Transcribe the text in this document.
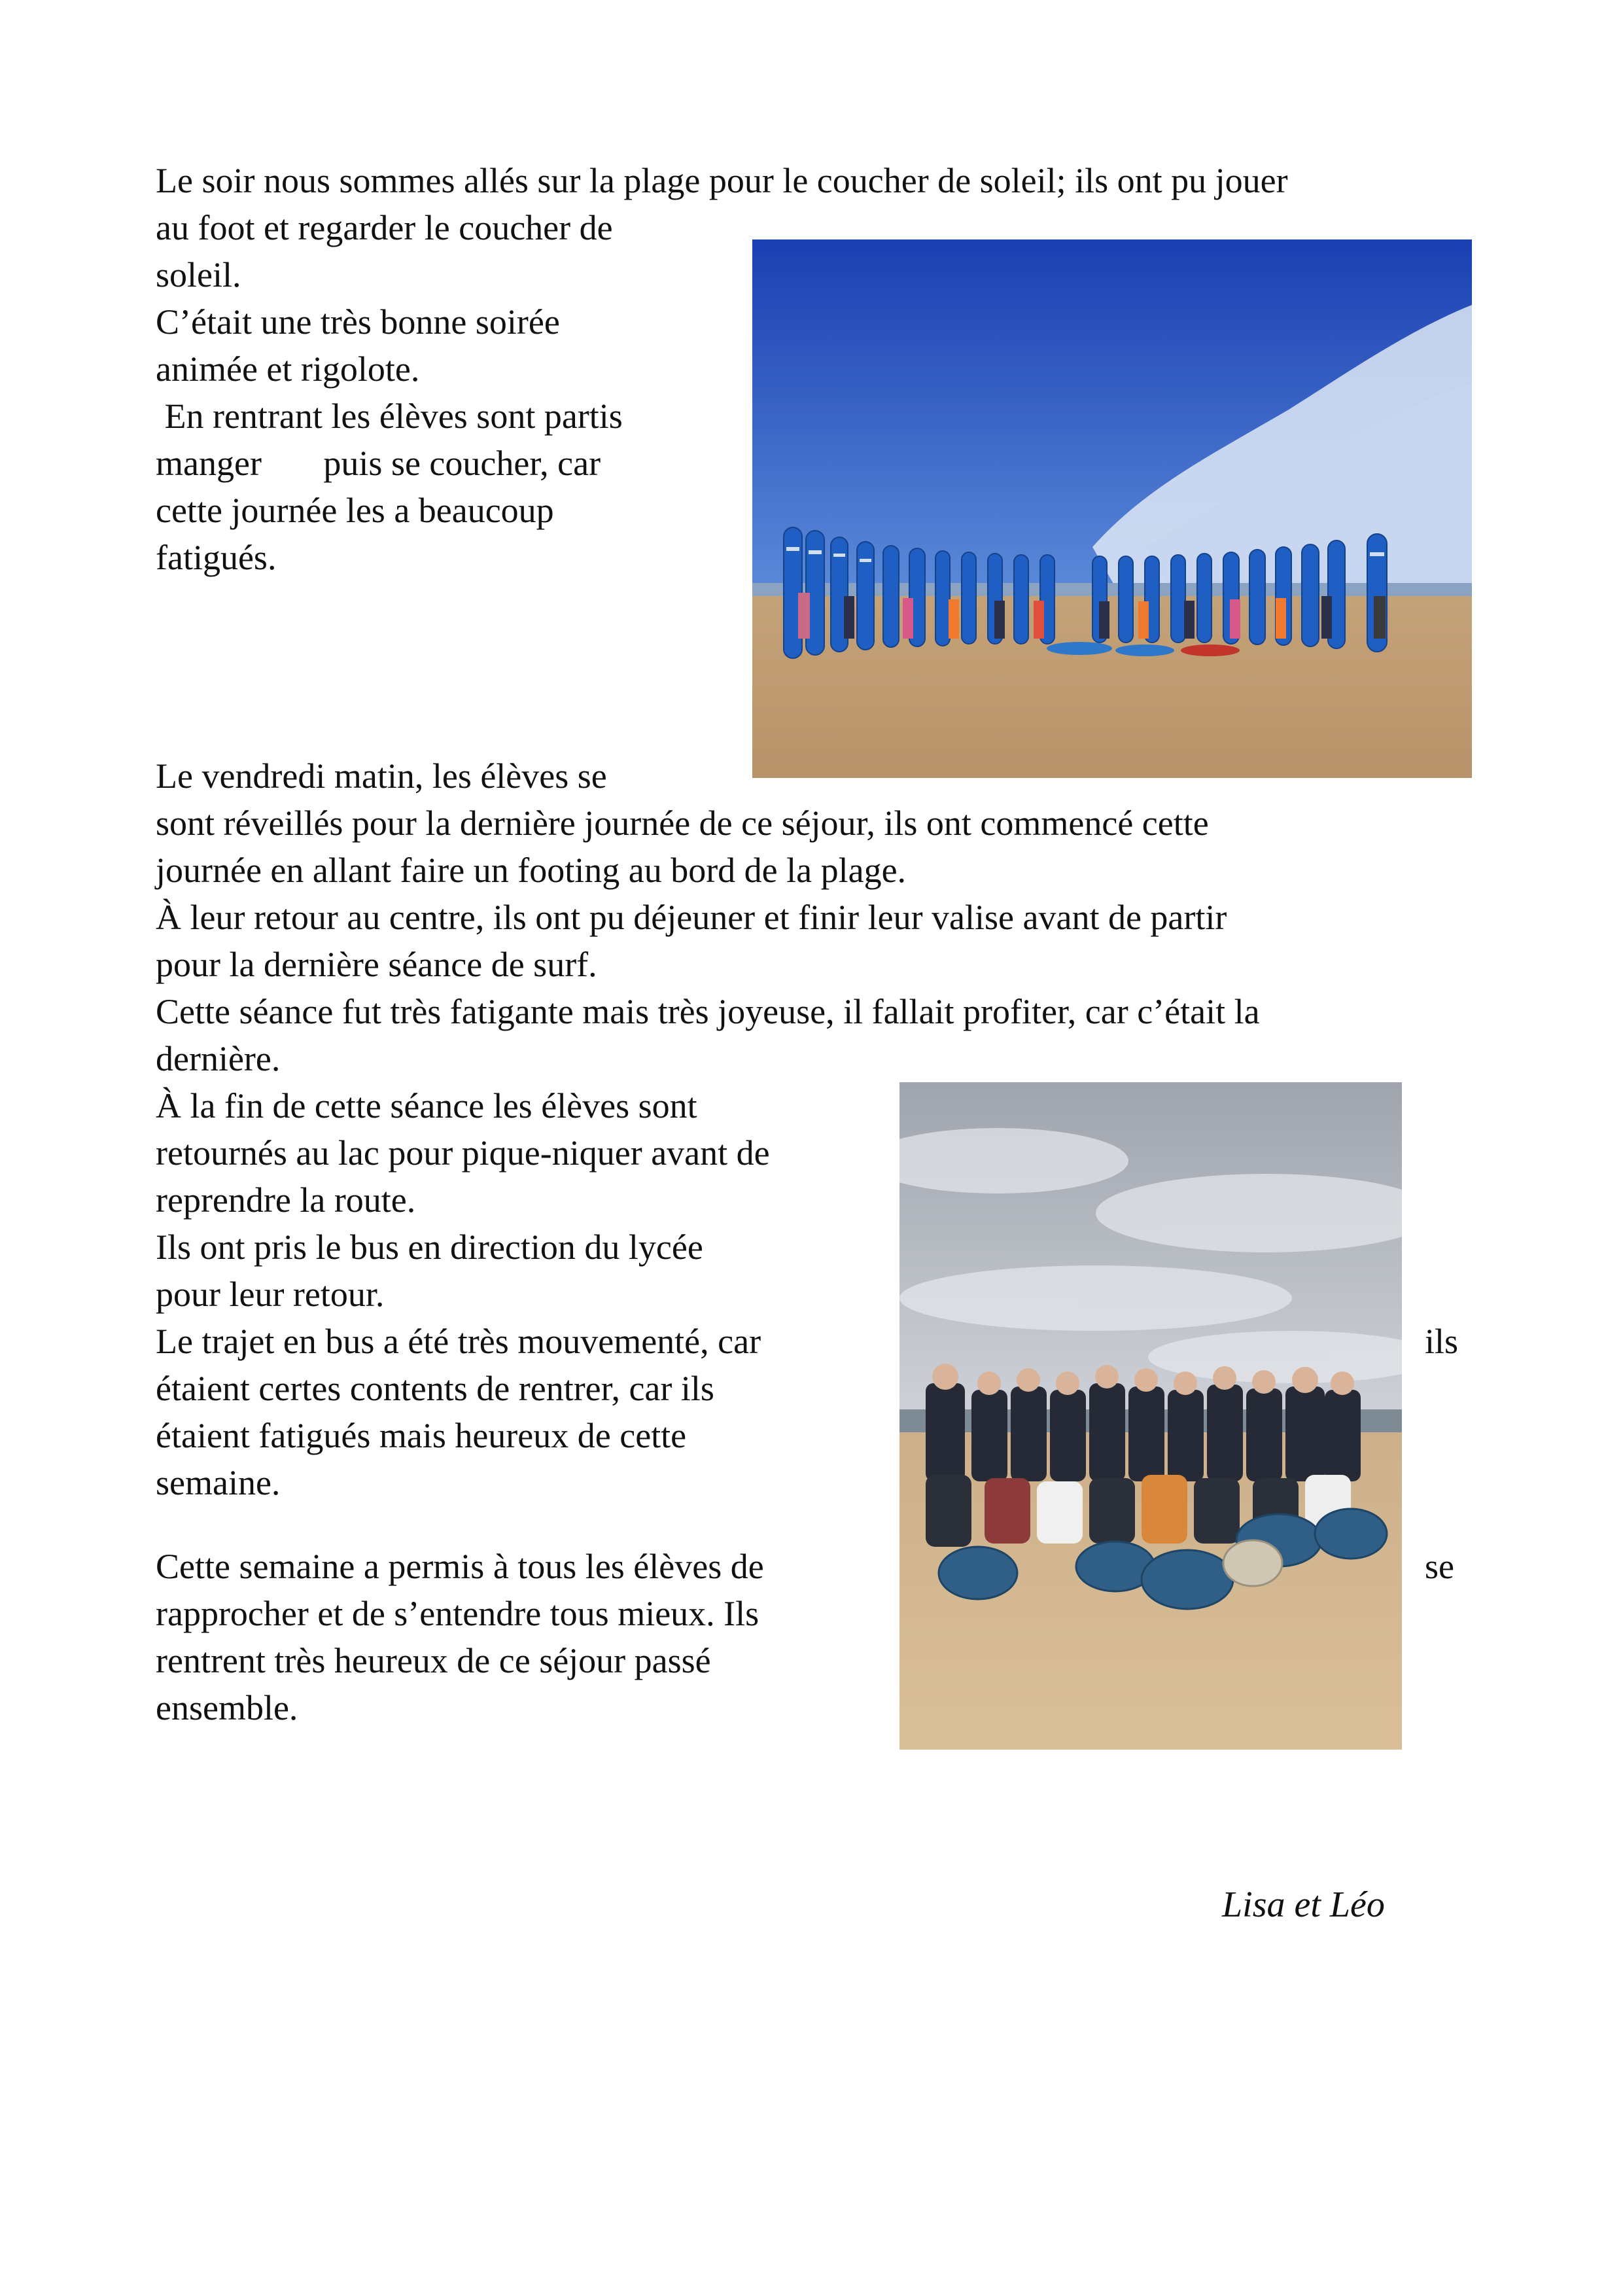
Le soir nous sommes allés sur la plage pour le coucher de soleil; ils ont pu jouer

au foot et regarder le coucher de

soleil.

C’était une très bonne soirée

animée et rigolote.

En rentrant les élèves sont partis

manger       puis se coucher, car

cette journée les a beaucoup

fatigués.

Le vendredi matin, les élèves se

sont réveillés pour la dernière journée de ce séjour, ils ont commencé cette

journée en allant faire un footing au bord de la plage.

À leur retour au centre, ils ont pu déjeuner et finir leur valise avant de partir

pour la dernière séance de surf.

Cette séance fut très fatigante mais très joyeuse, il fallait profiter, car c’était la

dernière.

À la fin de cette séance les élèves sont

retournés au lac pour pique-niquer avant de

reprendre la route.

Ils ont pris le bus en direction du lycée

pour leur retour.

Le trajet en bus a été très mouvementé, car	ils

étaient certes contents de rentrer, car ils

étaient fatigués mais heureux de cette

semaine.

Cette semaine a permis à tous les élèves de	se

rapprocher et de s’entendre tous mieux. Ils

rentrent très heureux de ce séjour passé

ensemble.

Lisa et Léo
